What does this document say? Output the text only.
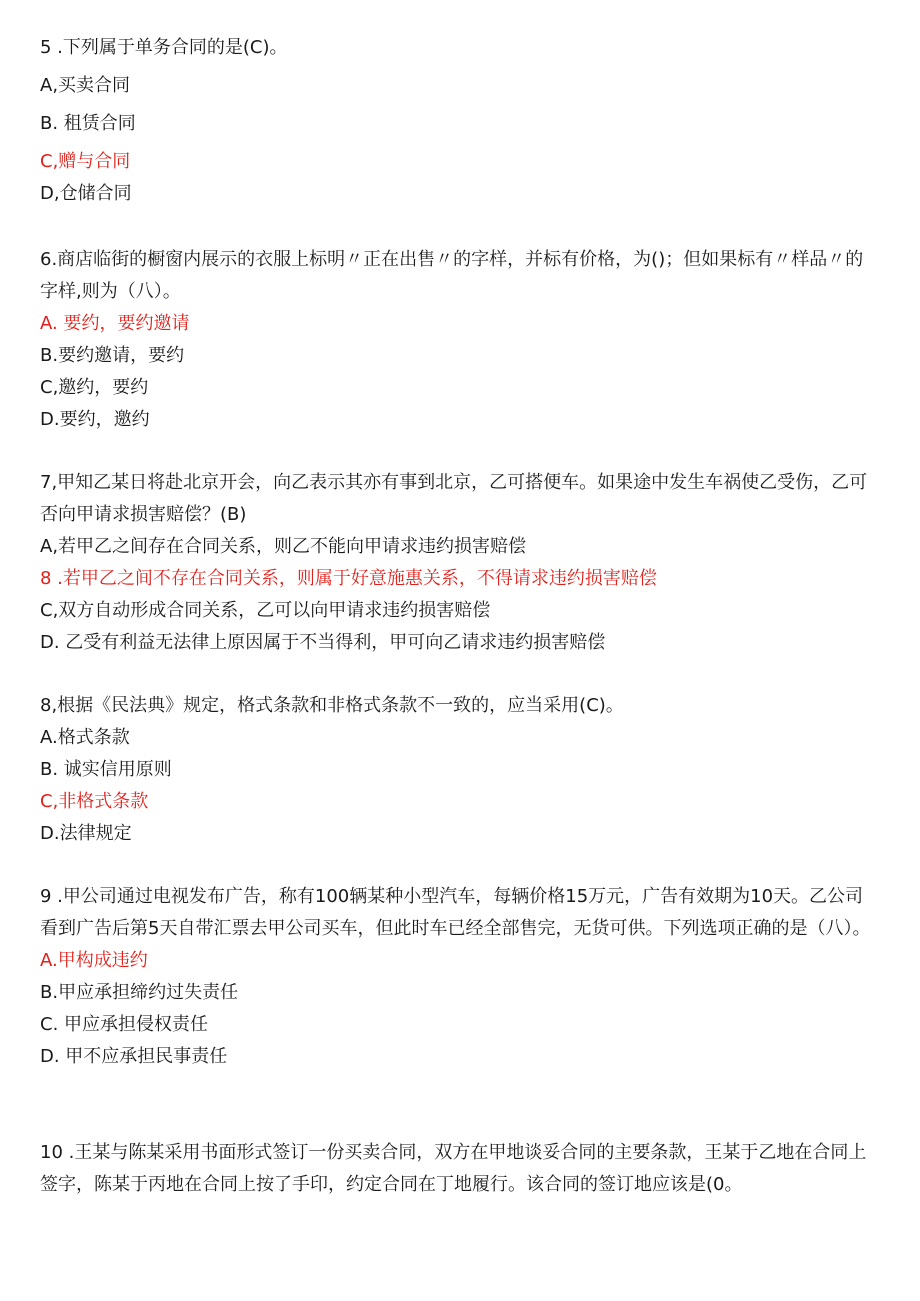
5 .下列属于单务合同的是(C)。
A,买卖合同
B. 租赁合同
C,赠与合同
D,仓储合同
6.商店临街的橱窗内展示的衣服上标明〃正在出售〃的字样，并标有价格，为()；但如果标有〃样品〃的字样,则为（八）。
A. 要约，要约邀请
B.要约邀请，要约
C,邀约，要约
D.要约，邀约
7,甲知乙某日将赴北京开会，向乙表示其亦有事到北京，乙可搭便车。如果途中发生车祸使乙受伤，乙可否向甲请求损害赔偿？(B)
A,若甲乙之间存在合同关系，则乙不能向甲请求违约损害赔偿
8 .若甲乙之间不存在合同关系，则属于好意施惠关系，不得请求违约损害赔偿
C,双方自动形成合同关系，乙可以向甲请求违约损害赔偿
D. 乙受有利益无法律上原因属于不当得利，甲可向乙请求违约损害赔偿
8,根据《民法典》规定，格式条款和非格式条款不一致的，应当采用(C)。
A.格式条款
B. 诚实信用原则
C,非格式条款
D.法律规定
9 .甲公司通过电视发布广告，称有100辆某种小型汽车，每辆价格15万元，广告有效期为10天。乙公司看到广告后第5天自带汇票去甲公司买车，但此时车已经全部售完，无货可供。下列选项正确的是（八）。
A.甲构成违约
B.甲应承担缔约过失责任
C. 甲应承担侵权责任
D. 甲不应承担民事责任
10 .王某与陈某采用书面形式签订一份买卖合同，双方在甲地谈妥合同的主要条款，王某于乙地在合同上签字，陈某于丙地在合同上按了手印，约定合同在丁地履行。该合同的签订地应该是(0。
